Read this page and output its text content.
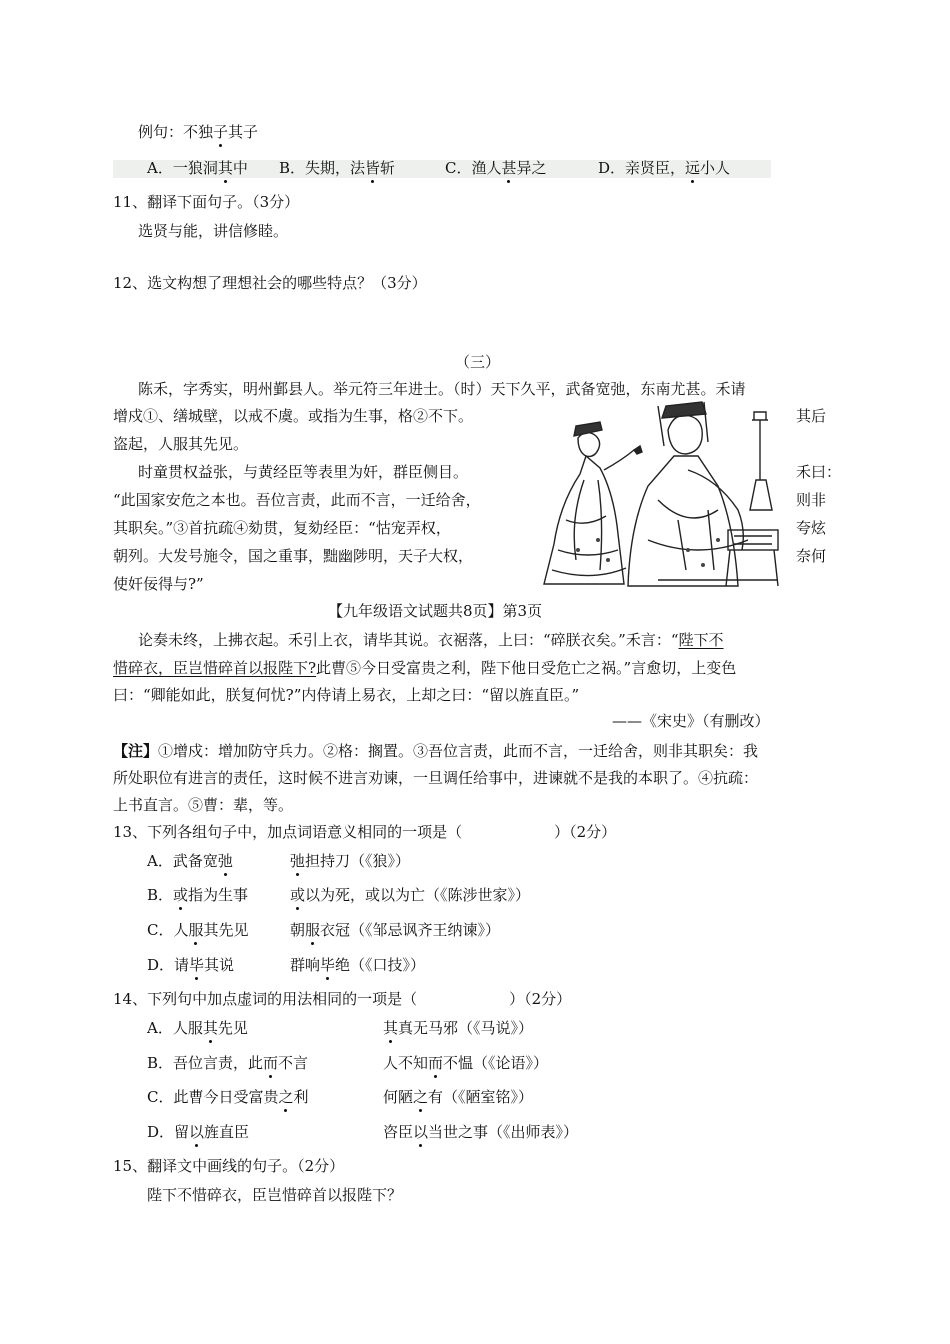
例句：不独子其子
A．一狼洞其中 B．失期，法皆斩	C．渔人甚异之	D．亲贤臣，远小人
11、翻译下面句子。（3分）
选贤与能，讲信修睦。
12、选文构想了理想社会的哪些特点？（3分）
（三）
陈禾，字秀实，明州鄞县人。举元符三年进士。（时）天下久平，武备宽弛，东南尤甚。禾请
增戍①、缮城壁，以戒不虞。或指为生事，格②不下。	其后
盗起，人服其先见。
时童贯权益张，与黄经臣等表里为奸，群臣侧目。	禾曰：
“此国家安危之本也。吾位言责，此而不言，一迁给舍，	则非
其职矣。”③首抗疏④劾贯，复劾经臣：“怙宠弄权，	夸炫
朝列。大发号施令，国之重事，黜幽陟明，天子大权，	奈何
使奸佞得与?”
【九年级语文试题共8页】第3页
论奏未终，上拂衣起。禾引上衣，请毕其说。衣裾落，上曰：“碎朕衣矣。”禾言：“陛下不
惜碎衣，臣岂惜碎首以报陛下?此曹⑤今日受富贵之利，陛下他日受危亡之祸。”言愈切，上变色
曰：“卿能如此，朕复何忧?”内侍请上易衣，上却之曰：“留以旌直臣。”
——《宋史》（有删改）
【注】①增戍：增加防守兵力。②格：搁置。③吾位言责，此而不言，一迁给舍，则非其职矣：我
所处职位有进言的责任，这时候不进言劝谏，一旦调任给事中，进谏就不是我的本职了。④抗疏：
上书直言。⑤曹：辈，等。
13、下列各组句子中，加点词语意义相同的一项是（	）（2分）
A．武备宽弛	弛担持刀（《狼》）
B．或指为生事	或以为死，或以为亡（《陈涉世家》）
C．人服其先见	朝服衣冠（《邹忌讽齐王纳谏》）
D．请毕其说	群响毕绝（《口技》）
14、下列句中加点虚词的用法相同的一项是（	）（2分）
A．人服其先见	其真无马邪（《马说》）
B．吾位言责，此而不言	人不知而不愠（《论语》）
C．此曹今日受富贵之利	何陋之有（《陋室铭》）
D．留以旌直臣	咨臣以当世之事（《出师表》）
15、翻译文中画线的句子。（2分）
陛下不惜碎衣，臣岂惜碎首以报陛下？
